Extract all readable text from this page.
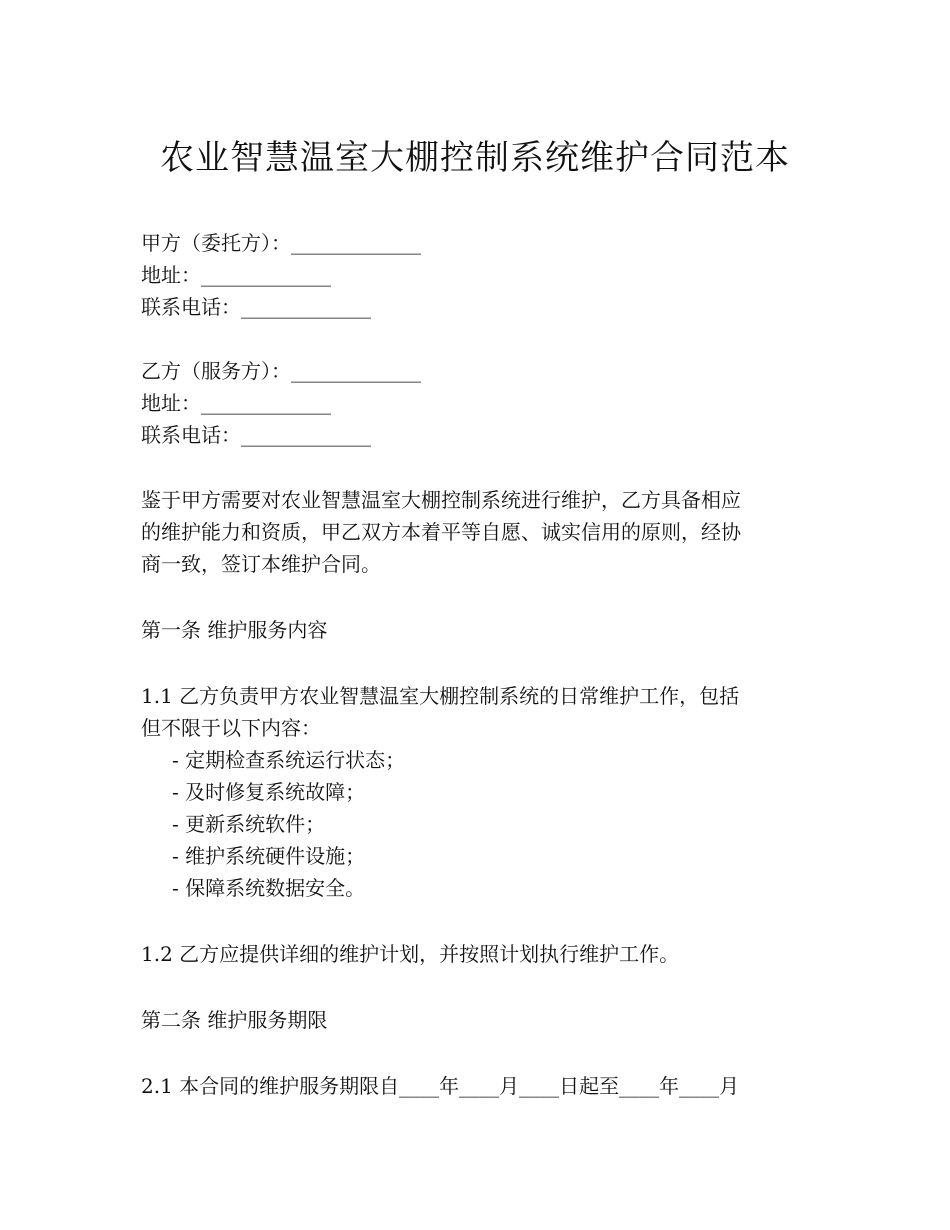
农业智慧温室大棚控制系统维护合同范本
甲方（委托方）：_____________
地址：_____________
联系电话：_____________
乙方（服务方）：_____________
地址：_____________
联系电话：_____________
鉴于甲方需要对农业智慧温室大棚控制系统进行维护，乙方具备相应
的维护能力和资质，甲乙双方本着平等自愿、诚实信用的原则，经协
商一致，签订本维护合同。
第一条 维护服务内容
1.1 乙方负责甲方农业智慧温室大棚控制系统的日常维护工作，包括
但不限于以下内容：
- 定期检查系统运行状态；
- 及时修复系统故障；
- 更新系统软件；
- 维护系统硬件设施；
- 保障系统数据安全。
1.2 乙方应提供详细的维护计划，并按照计划执行维护工作。
第二条 维护服务期限
2.1 本合同的维护服务期限自____年____月____日起至____年____月
